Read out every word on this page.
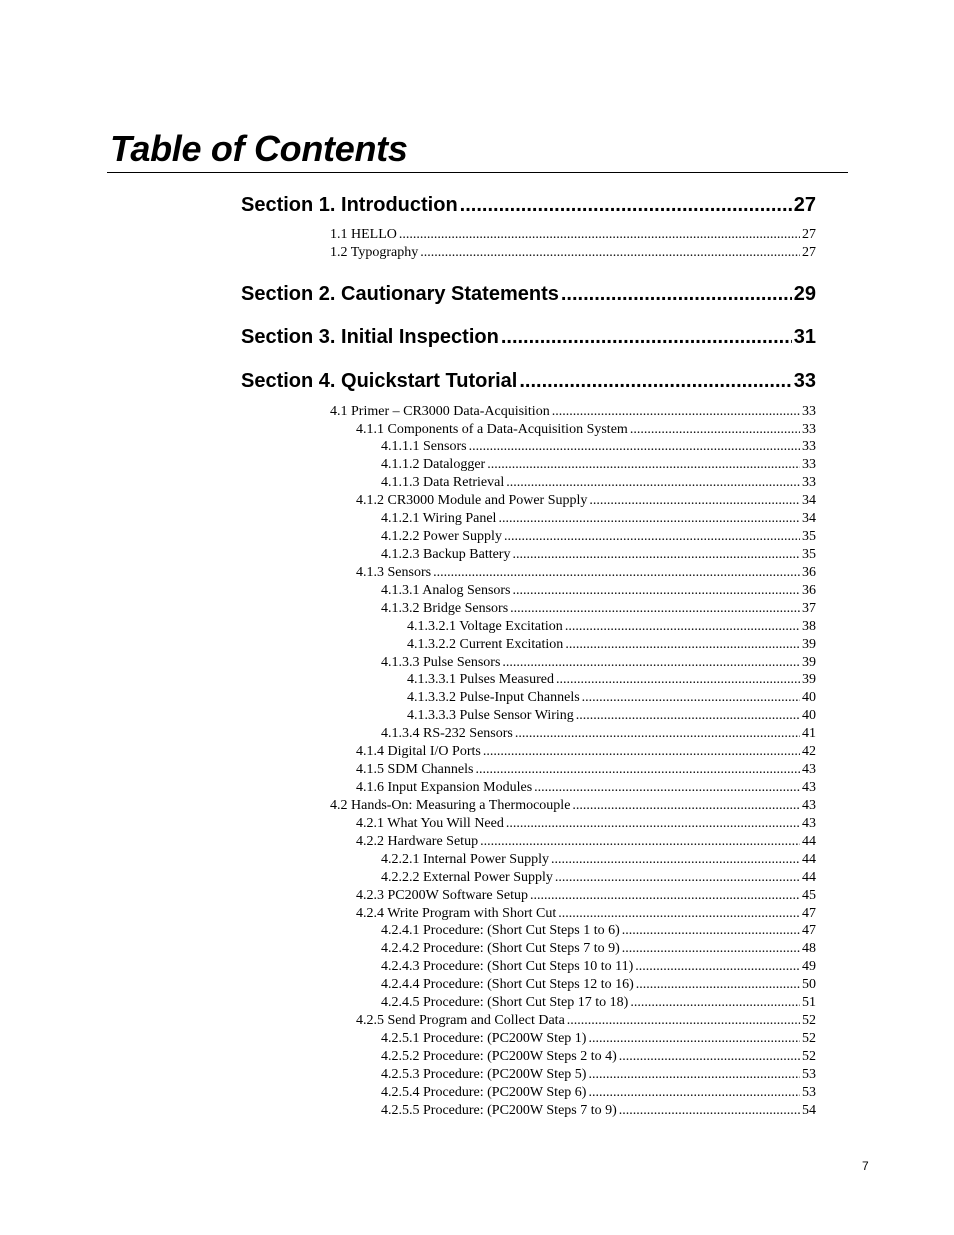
Table of Contents
Section 1. Introduction .....	27
1.1 HELLO .....	27
1.2 Typography .....	27
Section 2. Cautionary Statements .....	29
Section 3. Initial Inspection .....	31
Section 4. Quickstart Tutorial .....	33
4.1 Primer – CR3000 Data-Acquisition .....	33
4.1.1 Components of a Data-Acquisition System .....	33
4.1.1.1 Sensors .....	33
4.1.1.2 Datalogger .....	33
4.1.1.3 Data Retrieval .....	33
4.1.2 CR3000 Module and Power Supply .....	34
4.1.2.1 Wiring Panel .....	34
4.1.2.2 Power Supply .....	35
4.1.2.3 Backup Battery .....	35
4.1.3 Sensors .....	36
4.1.3.1 Analog Sensors .....	36
4.1.3.2 Bridge Sensors .....	37
4.1.3.2.1 Voltage Excitation .....	38
4.1.3.2.2 Current Excitation .....	39
4.1.3.3 Pulse Sensors .....	39
4.1.3.3.1 Pulses Measured .....	39
4.1.3.3.2 Pulse-Input Channels .....	40
4.1.3.3.3 Pulse Sensor Wiring .....	40
4.1.3.4 RS-232 Sensors .....	41
4.1.4 Digital I/O Ports .....	42
4.1.5 SDM Channels .....	43
4.1.6 Input Expansion Modules .....	43
4.2 Hands-On: Measuring a Thermocouple .....	43
4.2.1 What You Will Need .....	43
4.2.2 Hardware Setup .....	44
4.2.2.1 Internal Power Supply .....	44
4.2.2.2 External Power Supply .....	44
4.2.3 PC200W Software Setup .....	45
4.2.4 Write Program with Short Cut .....	47
4.2.4.1 Procedure: (Short Cut Steps 1 to 6) .....	47
4.2.4.2 Procedure: (Short Cut Steps 7 to 9) .....	48
4.2.4.3 Procedure: (Short Cut Steps 10 to 11) .....	49
4.2.4.4 Procedure: (Short Cut Steps 12 to 16) .....	50
4.2.4.5 Procedure: (Short Cut Step 17 to 18) .....	51
4.2.5 Send Program and Collect Data .....	52
4.2.5.1 Procedure: (PC200W Step 1) .....	52
4.2.5.2 Procedure: (PC200W Steps 2 to 4) .....	52
4.2.5.3 Procedure: (PC200W Step 5) .....	53
4.2.5.4 Procedure: (PC200W Step 6) .....	53
4.2.5.5 Procedure: (PC200W Steps 7 to 9) .....	54
7
